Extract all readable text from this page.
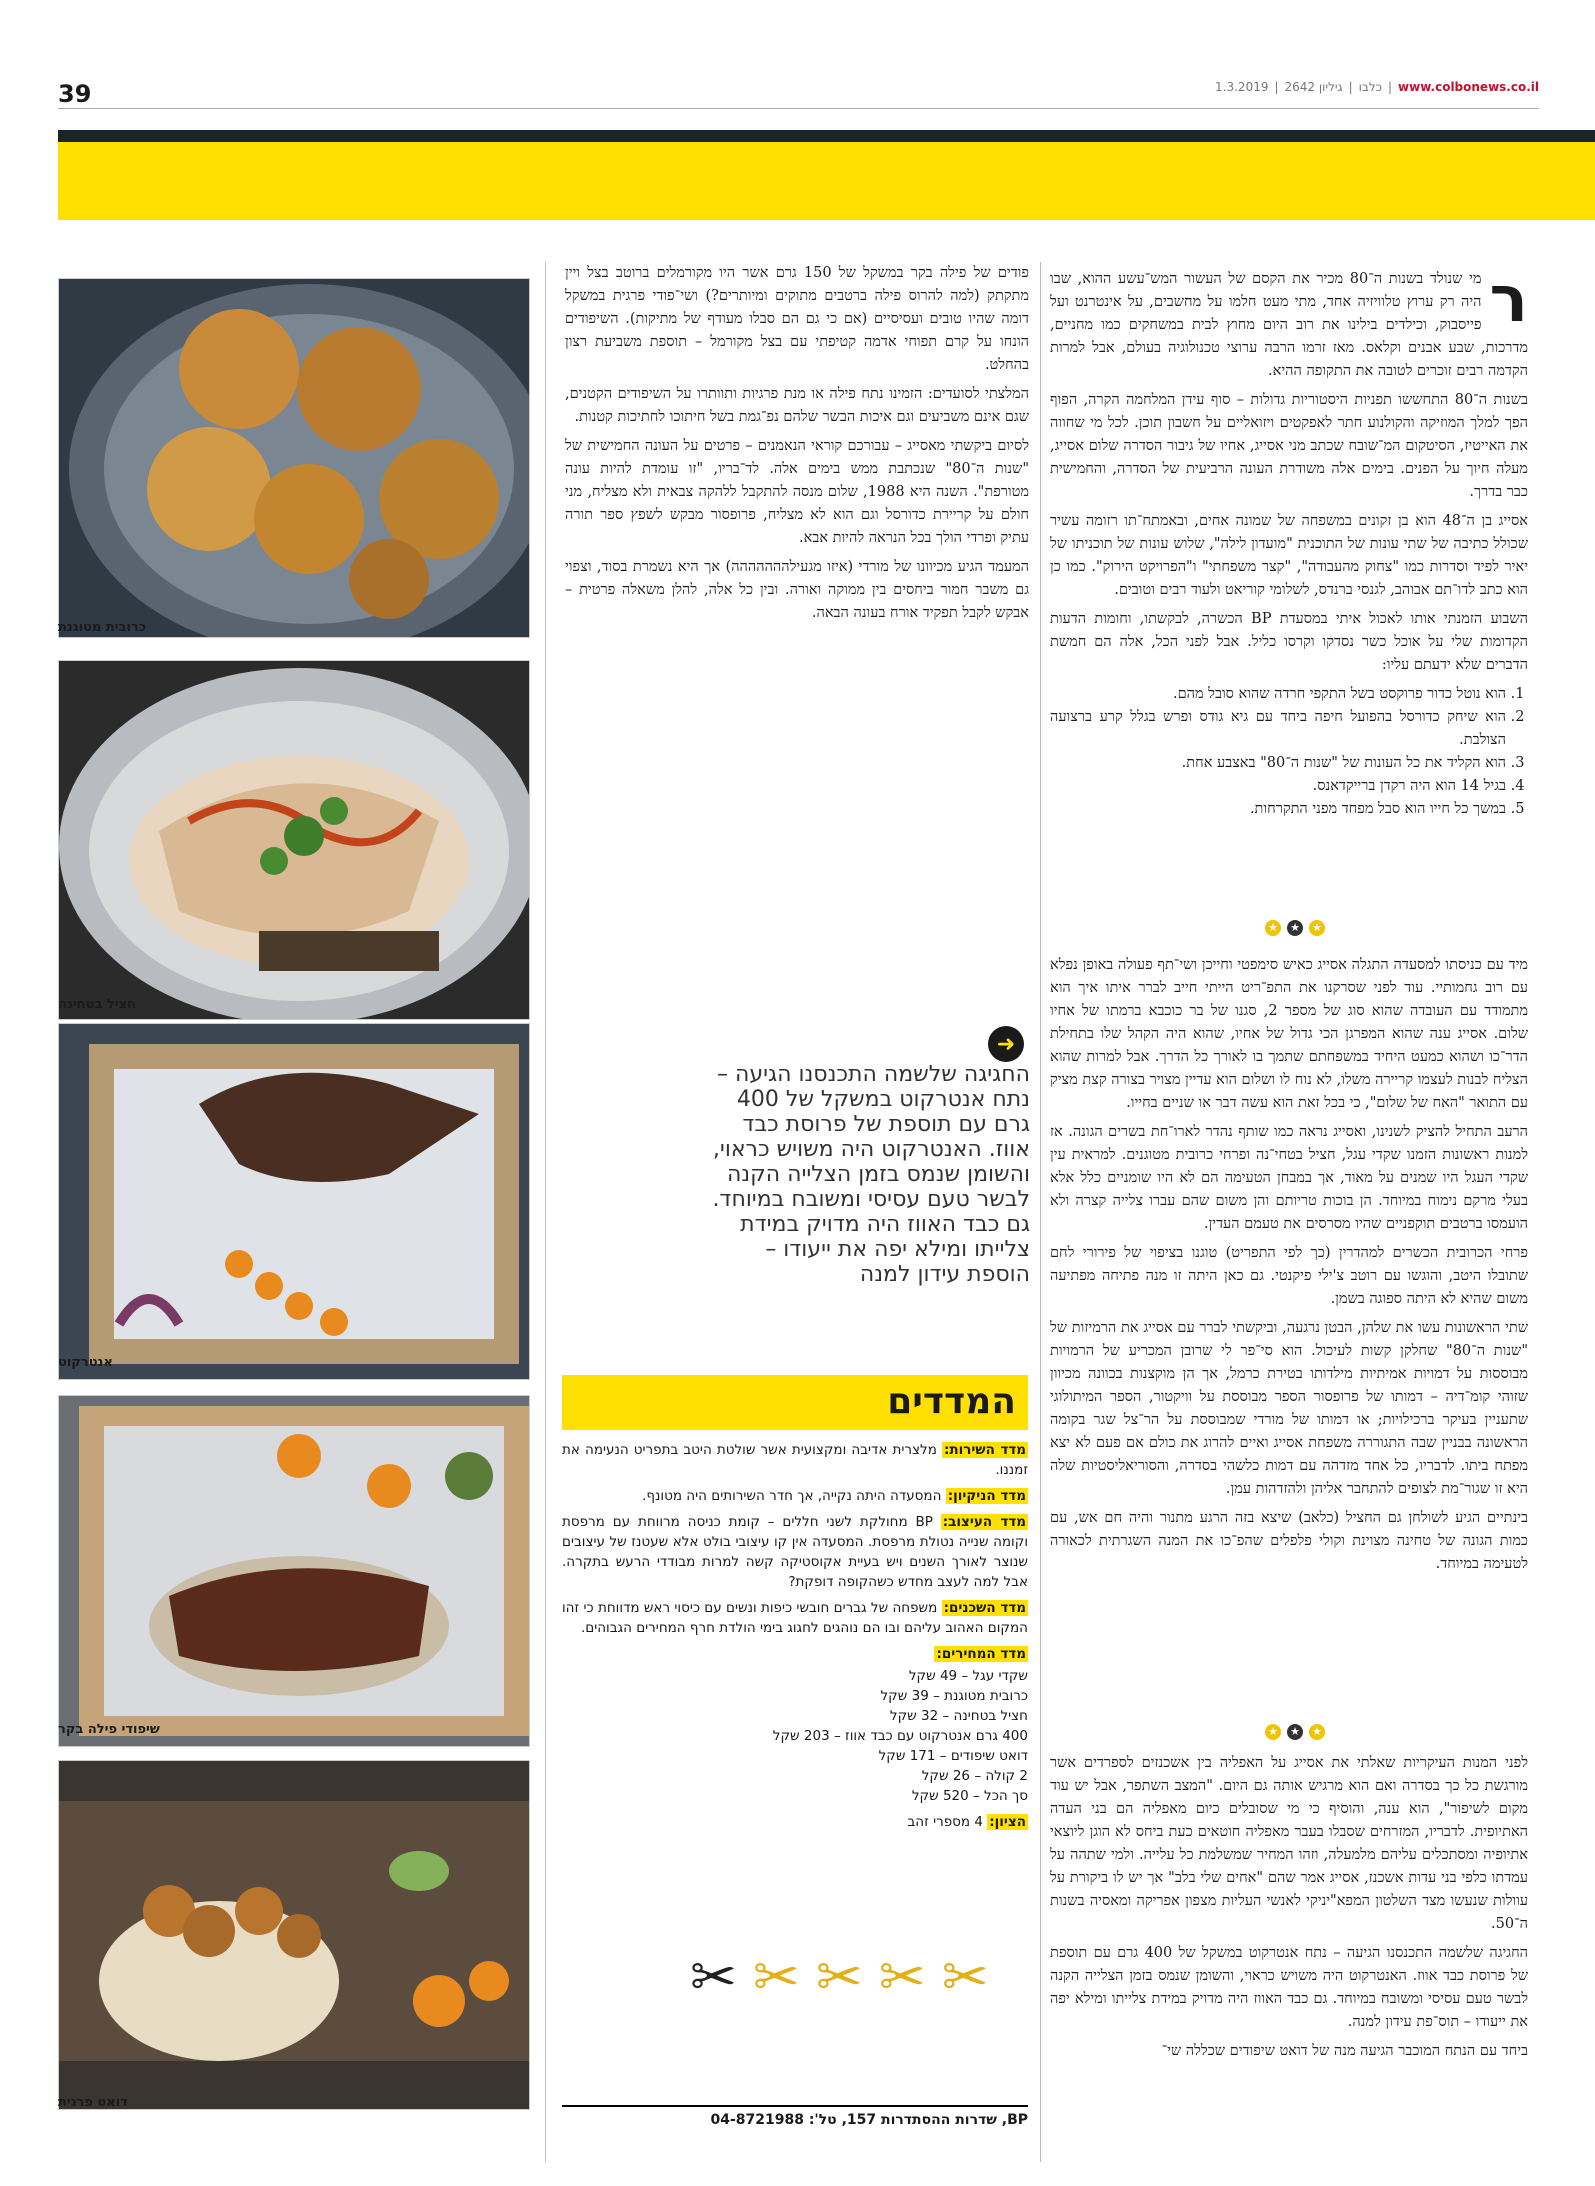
39	www.colbonews.co.il
|
כלבו
|
גיליון 2642
|
1.3.2019
ר

מי שנולד בשנות ה־80 מכיר את הקסם של העשור המש־עשע ההוא, שבו היה רק ערוץ טלוויזיה אחד, מתי מעט חלמו על מחשבים, על אינטרנט ועל פייסבוק, וכילדים בילינו את רוב היום מחוץ לבית במשחקים כמו מחניים, מדרכות, שבע אבנים וקלאס. מאז זרמו הרבה ערוצי טכנולוגיה בעולם, אבל למרות הקדמה רבים זוכרים לטובה את התקופה ההיא.

בשנות ה־80 התחששו תפניות היסטוריות גדולות – סוף עידן המלחמה הקרה, הפוף הפך למלך המוזיקה והקולנוע חתר לאפקטים ויזואליים על חשבון תוכן. לכל מי שחווה את האייטיז, הסיטקום המ־שובח שכתב מני אסייג, אחיו של גיבור הסדרה שלום אסייג, מעלה חיוך על הפנים. בימים אלה משודרת העונה הרביעית של הסדרה, והחמישית כבר בדרך.

אסייג בן ה־48 הוא בן זקונים במשפחה של שמונה אחים, ובאמתח־תו רזומה עשיר שכולל כתיבה של שתי עונות של התוכנית "מועדון לילה", שלוש עונות של תוכניתו של יאיר לפיד וסדרות כמו "צחוק מהעבודה", "קצר משפחתי" ו"הפרויקט הירוק". כמו כן הוא כתב לדו־תם אבוהב, לגנסי ברנדס, לשלומי קוריאט ולעוד רבים וטובים.

השבוע הזמנתי אותו לאכול איתי במסעדת BP הכשרה, לבקשתו, וחומות הדעות הקדומות שלי על אוכל כשר נסדקו וקרסו כליל. אבל לפני הכל, אלה הם חמשת הדברים שלא ידעתם עליו:

1. הוא נוטל כדור פרוקסט בשל התקפי חרדה שהוא סובל מהם.
2. הוא שיחק כדורסל בהפועל חיפה ביחד עם גיא גודס ופרש בגלל קרע ברצועה הצולבת.
3. הוא הקליד את כל העונות של "שנות ה־80" באצבע אחת.
4. בגיל 14 הוא היה רקדן ברייקדאנס.
5. במשך כל חייו הוא סבל מפחד מפני התקרחות.
★ ★ ★

מיד עם כניסתו למסעדה התגלה אסייג כאיש סימפטי וחייכן ושי־תף פעולה באופן נפלא עם רוב גחמותיי. עוד לפני שסרקנו את התפ־ריט הייתי חייב לברר איתו איך הוא מתמודד עם העובדה שהוא סוג של מספר 2, סגנו של בר כוכבא ברמתו של אחיו שלום. אסייג ענה שהוא המפרגן הכי גדול של אחיו, שהוא היה הקהל שלו בתחילת הדר־כו ושהוא כמעט היחיד במשפחתם שתמך בו לאורך כל הדרך. אבל למרות שהוא הצליח לבנות לעצמו קריירה משלו, לא נוח לו ושלום הוא עדיין מצויר בצורה קצת מציק עם התואר "האח של שלום", כי בכל זאת הוא עשה דבר או שניים בחייו.

הרעב התחיל להציק לשנינו, ואסייג נראה כמו שותף נהדר לארו־חת בשרים הגונה. אז למנות ראשונות הזמנו שקדי עגל, חציל בטחי־נה ופרחי כרובית מטוגנים. למראית עין שקדי העגל היו שמנים על מאוד, אך במבחן הטעימה הם לא היו שומניים כלל אלא בעלי מרקם נימוח במיוחד. הן בוכות טריותם והן משום שהם עברו צלייה קצרה ולא הועמסו ברטבים תוקפניים שהיו מסרסים את טעמם העדין.

פרחי הכרובית הכשרים למהדרין (כך לפי התפריט) טוגנו בציפוי של פירורי לחם שתובלו היטב, והוגשו עם רוטב צ'ילי פיקנטי. גם כאן היתה זו מנה פתיחה מפתיעה משום שהיא לא היתה ספוגה בשמן.

שתי הראשונות עשו את שלהן, הבטן נרגעה, וביקשתי לברר עם אסייג את הרמיזות של "שנות ה־80" שחלקן קשות לעיכול. הוא סי־פר לי שרובן המכריע של הרמויות מבוססות על דמויות אמיתיות מילדותו בטירת כרמל, אך הן מוקצנות בכוונה מכיוון שזוהי קומ־דיה – דמותו של פרופסור הספר מבוססת על וויקטור, הספר המיתולוגי שתעניין בעיקר ברכילויות; או דמותו של מורדי שמבוססת על הר־צל שגר בקומה הראשונה בבניין שבה התגוררה משפחת אסייג ואיים להרוג את כולם אם פעם לא יצא מפתח ביתו. לדבריו, כל אחד מזדהה עם דמות כלשהי בסדרה, והסוריאליסטיות שלה היא זו שגור־מת לצופים להתחבר אליהן ולהזדהות עמן.

בינתיים הגיע לשולחן גם החציל (כלאב) שיצא בזה הרגע מתנור והיה חם אש, עם כמות הגונה של טחינה מצוינת וקולי פלפלים שהפ־כו את המנה השגרתית לכאורה לטעימה במיוחד.

★ ★ ★

לפני המנות העיקריות שאלתי את אסייג על האפליה בין אשכנזים לספרדים אשר מורגשת כל כך בסדרה ואם הוא מרגיש אותה גם היום. "המצב השתפר, אבל יש עוד מקום לשיפור", הוא ענה, והוסיף כי מי שסובלים כיום מאפליה הם בני העדה האתיופית. לדבריו, המזרחים שסבלו בעבר מאפליה חוטאים כעת ביחס לא הוגן ליוצאי אתיופיה ומסתכלים עליהם מלמעלה, וזהו המחיר שמשלמת כל עלייה. ולמי שתהה על עמדתו כלפי בני עדות אשכנז, אסייג אמר שהם "אחים שלי בלב" אך יש לו ביקורת על עוולות שנעשו מצד השלטון המפא"יניקי לאנשי העליות מצפון אפריקה ומאסיה בשנות ה־50.

החגיגה שלשמה התכנסנו הגיעה – נתח אנטרקוט במשקל של 400 גרם עם תוספת של פרוסת כבד אווז. האנטרקוט היה משויש כראוי, והשומן שנמס בזמן הצלייה הקנה לבשר טעם עסיסי ומשובח במיוחד. גם כבד האווז היה מדויק במידת צלייתו ומילא יפה את ייעודו – תוס־פת עידון למנה.

ביחד עם הנתח המוכבר הגיעה מנה של דואט שיפודים שכללה שי־

פודים של פילה בקר במשקל של 150 גרם אשר היו מקורמלים ברוטב בצל ויין מתקתק (למה להרוס פילה ברטבים מתוקים ומיותרים?) ושי־פודי פרגית במשקל דומה שהיו טובים ועסיסיים (אם כי גם הם סבלו מעודף של מתיקות). השיפודים הונחו על קרם תפוחי אדמה קטיפתי עם בצל מקורמל – תוספת משביעת רצון בהחלט.

המלצתי לסועדים: הזמינו נתח פילה או מנת פרגיות ותוותרו על השיפודים הקטנים, שגם אינם משביעים וגם איכות הבשר שלהם נפ־גמת בשל חיתוכו לחתיכות קטנות.

לסיום ביקשתי מאסייג – עבורכם קוראי הנאמנים – פרטים על העונה החמישית של "שנות ה־80" שנכתבת ממש בימים אלה. לד־בריו, "זו עומדת להיות עונה מטורפת". השנה היא 1988, שלום מנסה להתקבל ללהקה צבאית ולא מצליח, מני חולם על קריירת כדורסל וגם הוא לא מצליח, פרופסור מבקש לשפץ ספר תורה עתיק ופרדי הולך בכל הנראה להיות אבא.

המעמד הגיע מכיוונו של מורדי (איזו מגעילההההההה) אך היא נשמרת בסוד, וצפוי גם משבר חמור ביחסים בין ממוקה ואורה. ובין כל אלה, להלן משאלה פרטית – אבקש לקבל תפקיד אורח בעונה הבאה.

➜
החגיגה שלשמה התכנסנו הגיעה – נתח אנטרקוט במשקל של 400 גרם עם תוספת של פרוסת כבד אווז. האנטרקוט היה משויש כראוי, והשומן שנמס בזמן הצלייה הקנה לבשר טעם עסיסי ומשובח במיוחד. גם כבד האווז היה מדויק במידת צלייתו ומילא יפה את ייעודו – הוספת עידון למנה
המדדים

מדד השירות: מלצרית אדיבה ומקצועית אשר שולטת היטב בתפריט הנעימה את זמננו.

מדד הניקיון: המסעדה היתה נקייה, אך חדר השירותים היה מטונף.

מדד העיצוב: BP מחולקת לשני חללים – קומת כניסה מרווחת עם מרפסת וקומה שנייה נטולת מרפסת. המסעדה אין קו עיצובי בולט אלא שעטנז של עיצובים שנוצר לאורך השנים ויש בעיית אקוסטיקה קשה למרות מבודדי הרעש בתקרה. אבל למה לעצב מחדש כשהקופה דופקת?

מדד השכנים: משפחה של גברים חובשי כיפות ונשים עם כיסוי ראש מדווחת כי זהו המקום האהוב עליהם ובו הם נוהגים לחגוג בימי הולדת חרף המחירים הגבוהים.

מדד המחירים:

שקדי עגל – 49 שקל
כרובית מטוגנת – 39 שקל
חציל בטחינה – 32 שקל
400 גרם אנטרקוט עם כבד אווז – 203 שקל
דואט שיפודים – 171 שקל
2 קולה – 26 שקל
סך הכל – 520 שקל

הציון: 4 מספרי זהב

✂ ✂ ✂ ✂ ✂
BP, שדרות ההסתדרות 157, טל': 04-8721988
כרובית מטוגנת
חציל בטחינה
אנטרקוט
שיפודי פילה בקר
דואט פרגית
